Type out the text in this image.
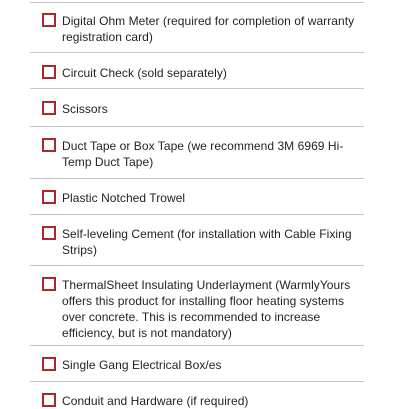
Digital Ohm Meter (required for completion of warranty registration card)
Circuit Check (sold separately)
Scissors
Duct Tape or Box Tape (we recommend 3M 6969 Hi-Temp Duct Tape)
Plastic Notched Trowel
Self-leveling Cement (for installation with Cable Fixing Strips)
ThermalSheet Insulating Underlayment (WarmlyYours offers this product for installing floor heating systems over concrete. This is recommended to increase efficiency, but is not mandatory)
Single Gang Electrical Box/es
Conduit and Hardware (if required)
